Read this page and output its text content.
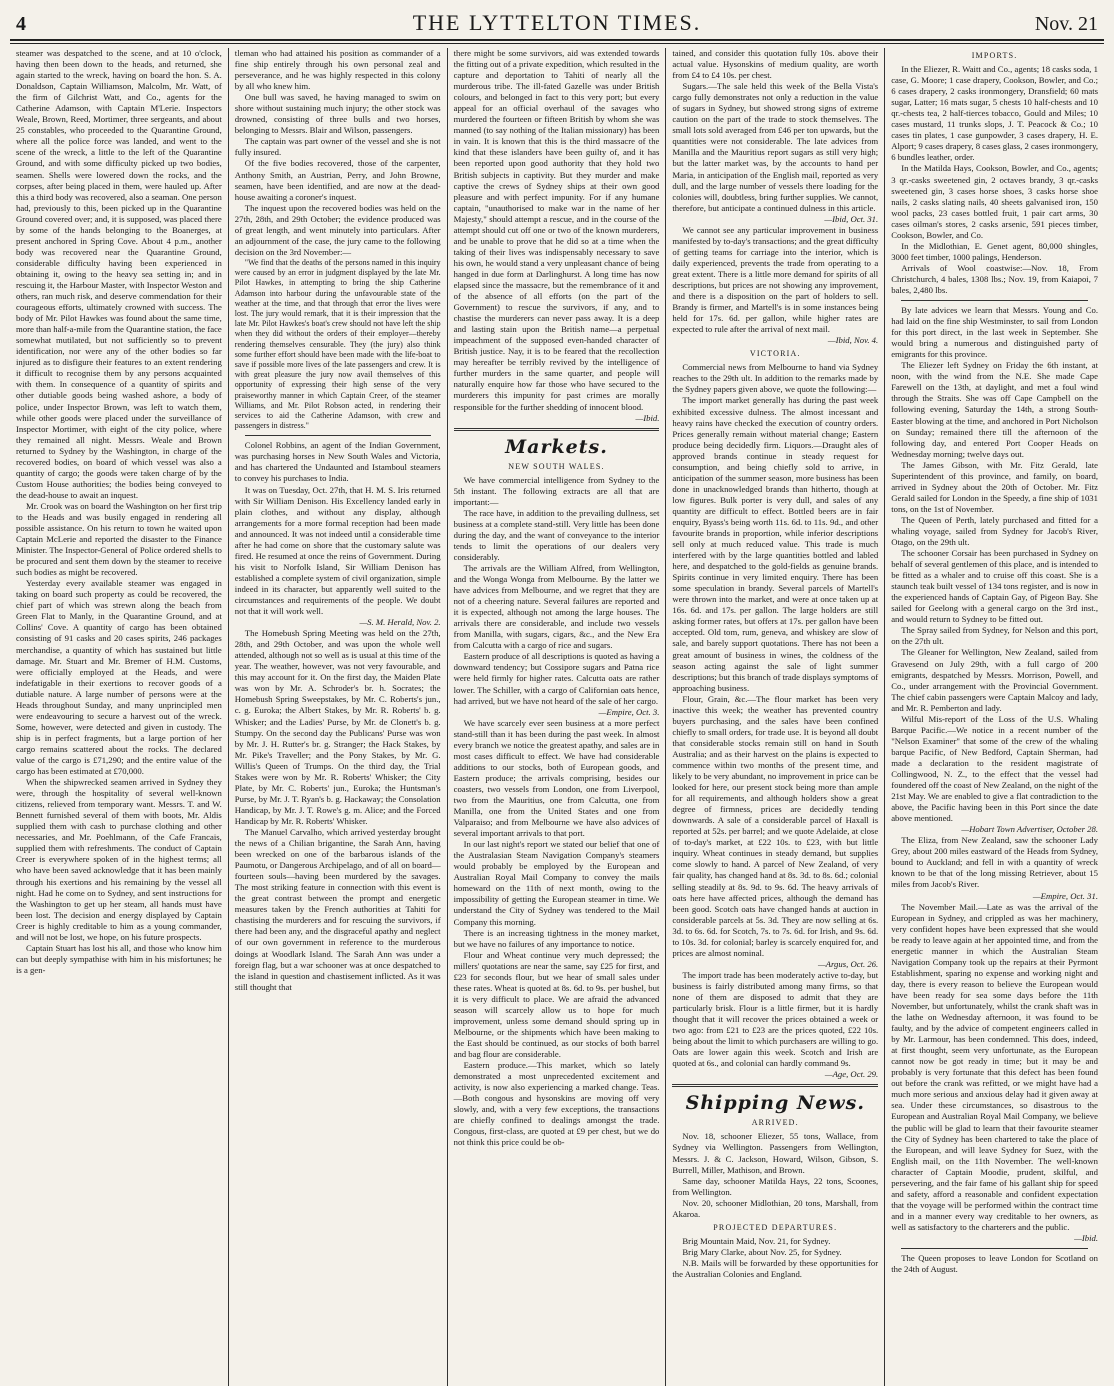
4	THE LYTTELTON TIMES.	Nov. 21

steamer was despatched to the scene, and at 10 o'clock, having then been down to the heads, and returned, she again started to the wreck, having on board the hon. S. A. Donaldson, Captain Williamson, Malcolm, Mr. Watt, of the firm of Gilchrist Watt, and Co., agents for the Catherine Adamson, with Captain M'Lerie. Inspectors Weale, Brown, Reed, Mortimer, three sergeants, and about 25 constables, who proceeded to the Quarantine Ground, where all the police force was landed, and went to the scene of the wreck, a little to the left of the Quarantine Ground, and with some difficulty picked up two bodies, seamen. Shells were lowered down the rocks, and the corpses, after being placed in them, were hauled up. After this a third body was recovered, also a seaman. One person had, previously to this, been picked up in the Quarantine Ground covered over; and, it is supposed, was placed there by some of the hands belonging to the Boanerges, at present anchored in Spring Cove. About 4 p.m., another body was recovered near the Quarantine Ground, considerable difficulty having been experienced in obtaining it, owing to the heavy sea setting in; and in rescuing it, the Harbour Master, with Inspector Weston and others, ran much risk, and deserve commendation for their courageous efforts, ultimately crowned with success. The body of Mr. Pilot Hawkes was found about the same time, more than half-a-mile from the Quarantine station, the face somewhat mutilated, but not sufficiently so to prevent identification, nor were any of the other bodies so far injured as to disfigure their features to an extent rendering it difficult to recognise them by any persons acquainted with them. In consequence of a quantity of spirits and other dutiable goods being washed ashore, a body of police, under Inspector Brown, was left to watch them, while other goods were placed under the surveillance of Inspector Mortimer, with eight of the city police, where they remained all night. Messrs. Weale and Brown returned to Sydney by the Washington, in charge of the recovered bodies, on board of which vessel was also a quantity of cargo; the goods were taken charge of by the Custom House authorities; the bodies being conveyed to the dead-house to await an inquest.

Mr. Crook was on board the Washington on her first trip to the Heads and was busily engaged in rendering all possible assistance. On his return to town he waited upon Captain McLerie and reported the disaster to the Finance Minister. The Inspector-General of Police ordered shells to be procured and sent them down by the steamer to receive such bodies as might be recovered.

Yesterday every available steamer was engaged in taking on board such property as could be recovered, the chief part of which was strewn along the beach from Green Flat to Manly, in the Quarantine Ground, and at Collins' Cove. A quantity of cargo has been obtained consisting of 91 casks and 20 cases spirits, 246 packages merchandise, a quantity of which has sustained but little damage. Mr. Stuart and Mr. Bremer of H.M. Customs, were officially employed at the Heads, and were indefatigable in their exertions to recover goods of a dutiable nature. A large number of persons were at the Heads throughout Sunday, and many unprincipled men were endeavouring to secure a harvest out of the wreck. Some, however, were detected and given in custody. The ship is in perfect fragments, but a large portion of her cargo remains scattered about the rocks. The declared value of the cargo is £71,290; and the entire value of the cargo has been estimated at £70,000.

When the shipwrecked seamen arrived in Sydney they were, through the hospitality of several well-known citizens, relieved from temporary want. Messrs. T. and W. Bennett furnished several of them with boots, Mr. Aldis supplied them with cash to purchase clothing and other necessaries, and Mr. Poehlmann, of the Cafe Francais, supplied them with refreshments. The conduct of Captain Creer is everywhere spoken of in the highest terms; all who have been saved acknowledge that it has been mainly through his exertions and his remaining by the vessel all night. Had he come on to Sydney, and sent instructions for the Washington to get up her steam, all hands must have been lost. The decision and energy displayed by Captain Creer is highly creditable to him as a young commander, and will not be lost, we hope, on his future prospects.

Captain Stuart has lost his all, and those who know him can but deeply sympathise with him in his misfortunes; he is a gen-

tleman who had attained his position as commander of a fine ship entirely through his own personal zeal and perseverance, and he was highly respected in this colony by all who knew him.

One bull was saved, he having managed to swim on shore without sustaining much injury; the other stock was drowned, consisting of three bulls and two horses, belonging to Messrs. Blair and Wilson, passengers.

The captain was part owner of the vessel and she is not fully insured.

Of the five bodies recovered, those of the carpenter, Anthony Smith, an Austrian, Perry, and John Browne, seamen, have been identified, and are now at the dead-house awaiting a coroner's inquest.

The inquest upon the recovered bodies was held on the 27th, 28th, and 29th October; the evidence produced was of great length, and went minutely into particulars. After an adjournment of the case, the jury came to the following decision on the 3rd November:—

"We find that the deaths of the persons named in this inquiry were caused by an error in judgment displayed by the late Mr. Pilot Hawkes, in attempting to bring the ship Catherine Adamson into harbour during the unfavourable state of the weather at the time, and that through that error the lives were lost. The jury would remark, that it is their impression that the late Mr. Pilot Hawkes's boat's crew should not have left the ship when they did without the orders of their employer—thereby rendering themselves censurable. They (the jury) also think some further effort should have been made with the life-boat to save if possible more lives of the late passengers and crew. It is with great pleasure the jury now avail themselves of this opportunity of expressing their high sense of the very praiseworthy manner in which Captain Creer, of the steamer Williams, and Mr. Pilot Robson acted, in rendering their services to aid the Catherine Adamson, with crew and passengers in distress."

Colonel Robbins, an agent of the Indian Government, was purchasing horses in New South Wales and Victoria, and has chartered the Undaunted and Istamboul steamers to convey his purchases to India.

It was on Tuesday, Oct. 27th, that H. M. S. Iris returned with Sir William Denison. His Excellency landed early in plain clothes, and without any display, although arrangements for a more formal reception had been made and announced. It was not indeed until a considerable time after he had come on shore that the customary salute was fired. He resumed at once the reins of Government. During his visit to Norfolk Island, Sir William Denison has established a complete system of civil organization, simple indeed in its character, but apparently well suited to the circumstances and requirements of the people. We doubt not that it will work well.

—S. M. Herald, Nov. 2.

The Homebush Spring Meeting was held on the 27th, 28th, and 29th October, and was upon the whole well attended, although not so well as is usual at this time of the year. The weather, however, was not very favourable, and this may account for it. On the first day, the Maiden Plate was won by Mr. A. Schroder's br. h. Socrates; the Homebush Spring Sweepstakes, by Mr. C. Roberts's jun., c. g. Euroka; the Albert Stakes, by Mr. R. Roberts' b. g. Whisker; and the Ladies' Purse, by Mr. de Clonett's b. g. Stumpy. On the second day the Publicans' Purse was won by Mr. J. H. Rutter's br. g. Stranger; the Hack Stakes, by Mr. Pike's Traveller; and the Pony Stakes, by Mr. G. Willis's Queen of Trumps. On the third day, the Trial Stakes were won by Mr. R. Roberts' Whisker; the City Plate, by Mr. C. Roberts' jun., Euroka; the Huntsman's Purse, by Mr. J. T. Ryan's b. g. Hackaway; the Consolation Handicap, by Mr. J. T. Rowe's g. m. Alice; and the Forced Handicap by Mr. R. Roberts' Whisker.

The Manuel Carvalho, which arrived yesterday brought the news of a Chilian brigantine, the Sarah Ann, having been wrecked on one of the barbarous islands of the Paumotu, or Dangerous Archipelago, and of all on board—fourteen souls—having been murdered by the savages. The most striking feature in connection with this event is the great contrast between the prompt and energetic measures taken by the French authorities at Tahiti for chastising the murderers and for rescuing the survivors, if there had been any, and the disgraceful apathy and neglect of our own government in reference to the murderous doings at Woodlark Island. The Sarah Ann was under a foreign flag, but a war schooner was at once despatched to the island in question and chastisement inflicted. As it was still thought that

there might be some survivors, aid was extended towards the fitting out of a private expedition, which resulted in the capture and deportation to Tahiti of nearly all the murderous tribe. The ill-fated Gazelle was under British colours, and belonged in fact to this very port; but every appeal for an official overhaul of the savages who murdered the fourteen or fifteen British by whom she was manned (to say nothing of the Italian missionary) has been in vain. It is known that this is the third massacre of the kind that these islanders have been guilty of, and it has been reported upon good authority that they hold two British subjects in captivity. But they murder and make captive the crews of Sydney ships at their own good pleasure and with perfect impunity. For if any humane captain, "unauthorised to make war in the name of her Majesty," should attempt a rescue, and in the course of the attempt should cut off one or two of the known murderers, and be unable to prove that he did so at a time when the taking of their lives was indispensably necessary to save his own, he would stand a very unpleasant chance of being hanged in due form at Darlinghurst. A long time has now elapsed since the massacre, but the remembrance of it and of the absence of all efforts (on the part of the Government) to rescue the survivors, if any, and to chastise the murderers can never pass away. It is a deep and lasting stain upon the British name—a perpetual impeachment of the supposed even-handed character of British justice. Nay, it is to be feared that the recollection may hereafter be terribly revived by the intelligence of further murders in the same quarter, and people will naturally enquire how far those who have secured to the murderers this impunity for past crimes are morally responsible for the further shedding of innocent blood.

—Ibid.

Markets.
NEW SOUTH WALES.

We have commercial intelligence from Sydney to the 5th instant. The following extracts are all that are important:—

The race have, in addition to the prevailing dullness, set business at a complete stand-still. Very little has been done during the day, and the want of conveyance to the interior tends to limit the operations of our dealers very considerably.

The arrivals are the William Alfred, from Wellington, and the Wonga Wonga from Melbourne. By the latter we have advices from Melbourne, and we regret that they are not of a cheering nature. Several failures are reported and it is expected, although not among the large houses. The arrivals there are considerable, and include two vessels from Manilla, with sugars, cigars, &c., and the New Era from Calcutta with a cargo of rice and sugars.

Eastern produce of all descriptions is quoted as having a downward tendency; but Cossipore sugars and Patna rice were held firmly for higher rates. Calcutta oats are rather lower. The Schiller, with a cargo of Californian oats hence, had arrived, but we have not heard of the sale of her cargo.

—Empire, Oct. 3.

We have scarcely ever seen business at a more perfect stand-still than it has been during the past week. In almost every branch we notice the greatest apathy, and sales are in most cases difficult to effect. We have had considerable additions to our stocks, both of European goods, and Eastern produce; the arrivals comprising, besides our coasters, two vessels from London, one from Liverpool, two from the Mauritius, one from Calcutta, one from Manilla, one from the United States and one from Valparaiso; and from Melbourne we have also advices of several important arrivals to that port.

In our last night's report we stated our belief that one of the Australasian Steam Navigation Company's steamers would probably be employed by the European and Australian Royal Mail Company to convey the mails homeward on the 11th of next month, owing to the impossibility of getting the European steamer in time. We understand the City of Sydney was tendered to the Mail Company this morning.

There is an increasing tightness in the money market, but we have no failures of any importance to notice.

Flour and Wheat continue very much depressed; the millers' quotations are near the same, say £25 for first, and £23 for seconds flour, but we hear of small sales under these rates. Wheat is quoted at 8s. 6d. to 9s. per bushel, but it is very difficult to place. We are afraid the advanced season will scarcely allow us to hope for much improvement, unless some demand should spring up in Melbourne, or the shipments which have been making to the East should be continued, as our stocks of both barrel and bag flour are considerable.

Eastern produce.—This market, which so lately demonstrated a most unprecedented excitement and activity, is now also experiencing a marked change. Teas.—Both congous and hysonskins are moving off very slowly, and, with a very few exceptions, the transactions are chiefly confined to dealings amongst the trade. Congous, first-class, are quoted at £9 per chest, but we do not think this price could be ob-

tained, and consider this quotation fully 10s. above their actual value. Hysonskins of medium quality, are worth from £4 to £4 10s. per chest.

Sugars.—The sale held this week of the Bella Vista's cargo fully demonstrates not only a reduction in the value of sugars in Sydney, but showed strong signs of extreme caution on the part of the trade to stock themselves. The small lots sold averaged from £46 per ton upwards, but the quantities were not considerable. The late advices from Manilla and the Mauritius report sugars as still very high; but the latter market was, by the accounts to hand per Maria, in anticipation of the English mail, reported as very dull, and the large number of vessels there loading for the colonies will, doubtless, bring further supplies. We cannot, therefore, but anticipate a continued dulness in this article.

—Ibid, Oct. 31.

We cannot see any particular improvement in business manifested by to-day's transactions; and the great difficulty of getting teams for carriage into the interior, which is daily experienced, prevents the trade from operating to a great extent. There is a little more demand for spirits of all descriptions, but prices are not showing any improvement, and there is a disposition on the part of holders to sell. Brandy is firmer, and Martell's is in some instances being held for 17s. 6d. per gallon, while higher rates are expected to rule after the arrival of next mail.

—Ibid, Nov. 4.

VICTORIA.

Commercial news from Melbourne to hand via Sydney reaches to the 29th ult. In addition to the remarks made by the Sydney papers given above, we quote the following:—

The import market generally has during the past week exhibited excessive dulness. The almost incessant and heavy rains have checked the execution of country orders. Prices generally remain without material change; Eastern produce being decidedly firm. Liquors.—Draught ales of approved brands continue in steady request for consumption, and being chiefly sold to arrive, in anticipation of the summer season, more business has been done in unacknowledged brands than hitherto, though at low figures. Bulk porter is very dull, and sales of any quantity are difficult to effect. Bottled beers are in fair enquiry, Byass's being worth 11s. 6d. to 11s. 9d., and other favourite brands in proportion, while inferior descriptions sell only at much reduced value. This trade is much interfered with by the large quantities bottled and labled here, and despatched to the gold-fields as genuine brands. Spirits continue in very limited enquiry. There has been some speculation in brandy. Several parcels of Martell's were thrown into the market, and were at once taken up at 16s. 6d. and 17s. per gallon. The large holders are still asking former rates, but offers at 17s. per gallon have been accepted. Old tom, rum, geneva, and whiskey are slow of sale, and barely support quotations. There has not been a great amount of business in wines, the coldness of the season acting against the sale of light summer descriptions; but this branch of trade displays symptoms of approaching business.

Flour, Grain, &c.—The flour market has been very inactive this week; the weather has prevented country buyers purchasing, and the sales have been confined chiefly to small orders, for trade use. It is beyond all doubt that considerable stocks remain still on hand in South Australia; and as their harvest on the plains is expected to commence within two months of the present time, and likely to be very abundant, no improvement in price can be looked for here, our present stock being more than ample for all requirements, and although holders show a great degree of firmness, prices are decidedly tending downwards. A sale of a considerable parcel of Haxall is reported at 52s. per barrel; and we quote Adelaide, at close of to-day's market, at £22 10s. to £23, with but little inquiry. Wheat continues in steady demand, but supplies come slowly to hand. A parcel of New Zealand, of very fair quality, has changed hand at 8s. 3d. to 8s. 6d.; colonial selling steadily at 8s. 9d. to 9s. 6d. The heavy arrivals of oats here have affected prices, although the demand has been good. Scotch oats have changed hands at auction in considerable parcels at 5s. 3d. They are now selling at 6s. 3d. to 6s. 6d. for Scotch, 7s. to 7s. 6d. for Irish, and 9s. 6d. to 10s. 3d. for colonial; barley is scarcely enquired for, and prices are almost nominal.

—Argus, Oct. 26.

The import trade has been moderately active to-day, but business is fairly distributed among many firms, so that none of them are disposed to admit that they are particularly brisk. Flour is a little firmer, but it is hardly thought that it will recover the prices obtained a week or two ago: from £21 to £23 are the prices quoted, £22 10s. being about the limit to which purchasers are willing to go. Oats are lower again this week. Scotch and Irish are quoted at 6s., and colonial can hardly command 9s.

—Age, Oct. 29.

Shipping News.
ARRIVED.

Nov. 18, schooner Eliezer, 55 tons, Wallace, from Sydney via Wellington. Passengers from Wellington, Messrs. J. & C. Jackson, Howard, Wilson, Gibson, S. Burrell, Miller, Mathison, and Brown.

Same day, schooner Matilda Hays, 22 tons, Scoones, from Wellington.

Nov. 20, schooner Midlothian, 20 tons, Marshall, from Akaroa.

PROJECTED DEPARTURES.

Brig Mountain Maid, Nov. 21, for Sydney.

Brig Mary Clarke, about Nov. 25, for Sydney.

N.B. Mails will be forwarded by these opportunities for the Australian Colonies and England.

IMPORTS.

In the Eliezer, R. Waitt and Co., agents; 18 casks soda, 1 case, G. Moore; 1 case drapery, Cookson, Bowler, and Co.; 6 cases drapery, 2 casks ironmongery, Dransfield; 60 mats sugar, Latter; 16 mats sugar, 5 chests 10 half-chests and 10 qr.-chests tea, 2 half-tierces tobacco, Gould and Miles; 10 cases mustard, 11 trunks slops, J. T. Peacock & Co.; 10 cases tin plates, 1 case gunpowder, 3 cases drapery, H. E. Alport; 9 cases drapery, 8 cases glass, 2 cases ironmongery, 6 bundles leather, order.

In the Matilda Hays, Cookson, Bowler, and Co., agents; 3 qr.-casks sweetened gin, 2 octaves brandy, 3 qr.-casks sweetened gin, 3 cases horse shoes, 3 casks horse shoe nails, 2 casks slating nails, 40 sheets galvanised iron, 150 wool packs, 23 cases bottled fruit, 1 pair cart arms, 30 cases oilman's stores, 2 casks arsenic, 591 pieces timber, Cookson, Bowler, and Co.

In the Midlothian, E. Genet agent, 80,000 shingles, 3000 feet timber, 1000 palings, Henderson.

Arrivals of Wool coastwise:—Nov. 18, From Christchurch, 4 bales, 1308 lbs.; Nov. 19, from Kaiapoi, 7 bales, 2,480 lbs.

By late advices we learn that Messrs. Young and Co. had laid on the fine ship Westminster, to sail from London for this port direct, in the last week in September. She would bring a numerous and distinguished party of emigrants for this province.

The Eliezer left Sydney on Friday the 6th instant, at noon, with the wind from the N.E. She made Cape Farewell on the 13th, at daylight, and met a foul wind through the Straits. She was off Cape Campbell on the following evening, Saturday the 14th, a strong South-Easter blowing at the time, and anchored in Port Nicholson on Sunday; remained there till the afternoon of the following day, and entered Port Cooper Heads on Wednesday morning; twelve days out.

The James Gibson, with Mr. Fitz Gerald, late Superintendent of this province, and family, on board, arrived in Sydney about the 20th of October. Mr. Fitz Gerald sailed for London in the Speedy, a fine ship of 1031 tons, on the 1st of November.

The Queen of Perth, lately purchased and fitted for a whaling voyage, sailed from Sydney for Jacob's River, Otago, on the 29th ult.

The schooner Corsair has been purchased in Sydney on behalf of several gentlemen of this place, and is intended to be fitted as a whaler and to cruise off this coast. She is a staunch teak built vessel of 134 tons register, and is now in the experienced hands of Captain Gay, of Pigeon Bay. She sailed for Geelong with a general cargo on the 3rd inst., and would return to Sydney to be fitted out.

The Spray sailed from Sydney, for Nelson and this port, on the 27th ult.

The Gleaner for Wellington, New Zealand, sailed from Gravesend on July 29th, with a full cargo of 200 emigrants, despatched by Messrs. Morrison, Powell, and Co., under arrangement with the Provincial Government. The chief cabin passengers were Captain Malcoy and lady, and Mr. R. Pemberton and lady.

Wilful Mis-report of the Loss of the U.S. Whaling Barque Pacific.—We notice in a recent number of the "Nelson Examiner" that some of the crew of the whaling barque Pacific, of New Bedford, Captain Sherman, had made a declaration to the resident magistrate of Collingwood, N. Z., to the effect that the vessel had foundered off the coast of New Zealand, on the night of the 21st May. We are enabled to give a flat contradiction to the above, the Pacific having been in this Port since the date above mentioned.

—Hobart Town Advertiser, October 28.

The Eliza, from New Zealand, saw the schooner Lady Grey, about 200 miles eastward of the Heads from Sydney, bound to Auckland; and fell in with a quantity of wreck known to be that of the long missing Retriever, about 15 miles from Jacob's River.

—Empire, Oct. 31.

The November Mail.—Late as was the arrival of the European in Sydney, and crippled as was her machinery, very confident hopes have been expressed that she would be ready to leave again at her appointed time, and from the energetic manner in which the Australian Steam Navigation Company took up the repairs at their Pyrmont Establishment, sparing no expense and working night and day, there is every reason to believe the European would have been ready for sea some days before the 11th November, but unfortunately, whilst the crank shaft was in the lathe on Wednesday afternoon, it was found to be faulty, and by the advice of competent engineers called in by Mr. Larmour, has been condemned. This does, indeed, at first thought, seem very unfortunate, as the European cannot now be got ready in time; but it may be and probably is very fortunate that this defect has been found out before the crank was refitted, or we might have had a much more serious and anxious delay had it given away at sea. Under these circumstances, so disastrous to the European and Australian Royal Mail Company, we believe the public will be glad to learn that their favourite steamer the City of Sydney has been chartered to take the place of the European, and will leave Sydney for Suez, with the English mail, on the 11th November. The well-known character of Captain Moodie, prudent, skilful, and persevering, and the fair fame of his gallant ship for speed and safety, afford a reasonable and confident expectation that the voyage will be performed within the contract time and in a manner every way creditable to her owners, as well as satisfactory to the charterers and the public.

—Ibid.

The Queen proposes to leave London for Scotland on the 24th of August.
